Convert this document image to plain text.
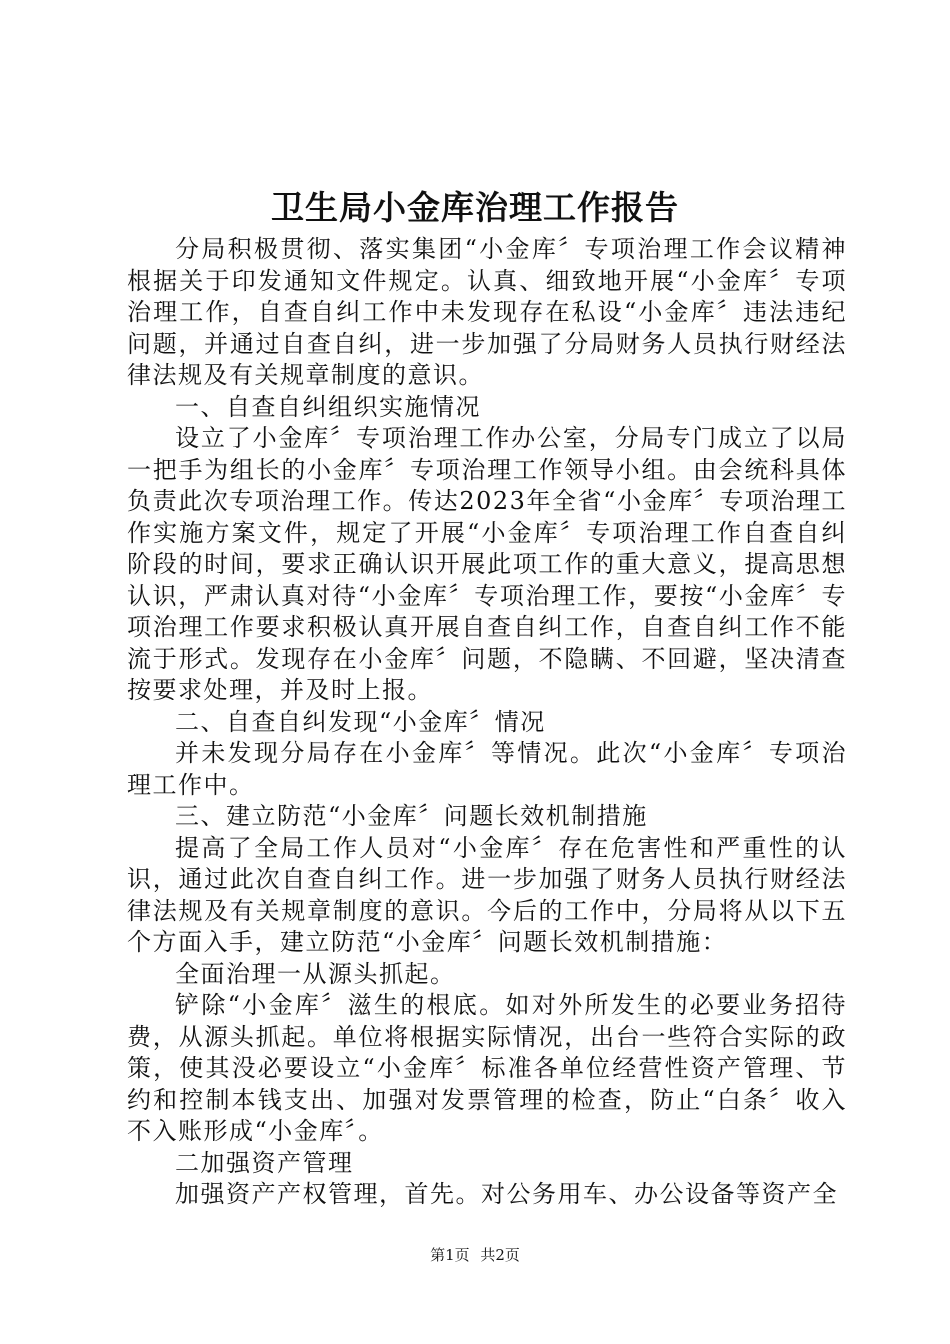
卫生局小金库治理工作报告

分局积极贯彻、落实集团“小金库〞专项治理工作会议精神根据关于印发通知文件规定。认真、细致地开展“小金库〞专项治理工作，自查自纠工作中未发现存在私设“小金库〞违法违纪问题，并通过自查自纠，进一步加强了分局财务人员执行财经法律法规及有关规章制度的意识。

一、自查自纠组织实施情况

设立了小金库〞专项治理工作办公室，分局专门成立了以局一把手为组长的小金库〞专项治理工作领导小组。由会统科具体负责此次专项治理工作。传达2023年全省“小金库〞专项治理工作实施方案文件，规定了开展“小金库〞专项治理工作自查自纠阶段的时间，要求正确认识开展此项工作的重大意义，提高思想认识，严肃认真对待“小金库〞专项治理工作，要按“小金库〞专项治理工作要求积极认真开展自查自纠工作，自查自纠工作不能流于形式。发现存在小金库〞问题，不隐瞒、不回避，坚决清查按要求处理，并及时上报。

二、自查自纠发现“小金库〞情况

并未发现分局存在小金库〞等情况。此次“小金库〞专项治理工作中。

三、建立防范“小金库〞问题长效机制措施

提高了全局工作人员对“小金库〞存在危害性和严重性的认识，通过此次自查自纠工作。进一步加强了财务人员执行财经法律法规及有关规章制度的意识。今后的工作中，分局将从以下五个方面入手，建立防范“小金库〞问题长效机制措施：

全面治理一从源头抓起。

铲除“小金库〞滋生的根底。如对外所发生的必要业务招待费，从源头抓起。单位将根据实际情况，出台一些符合实际的政策，使其没必要设立“小金库〞标准各单位经营性资产管理、节约和控制本钱支出、加强对发票管理的检查，防止“白条〞收入不入账形成“小金库〞。

二加强资产管理

加强资产产权管理，首先。对公务用车、办公设备等资产全

第1页 共2页
